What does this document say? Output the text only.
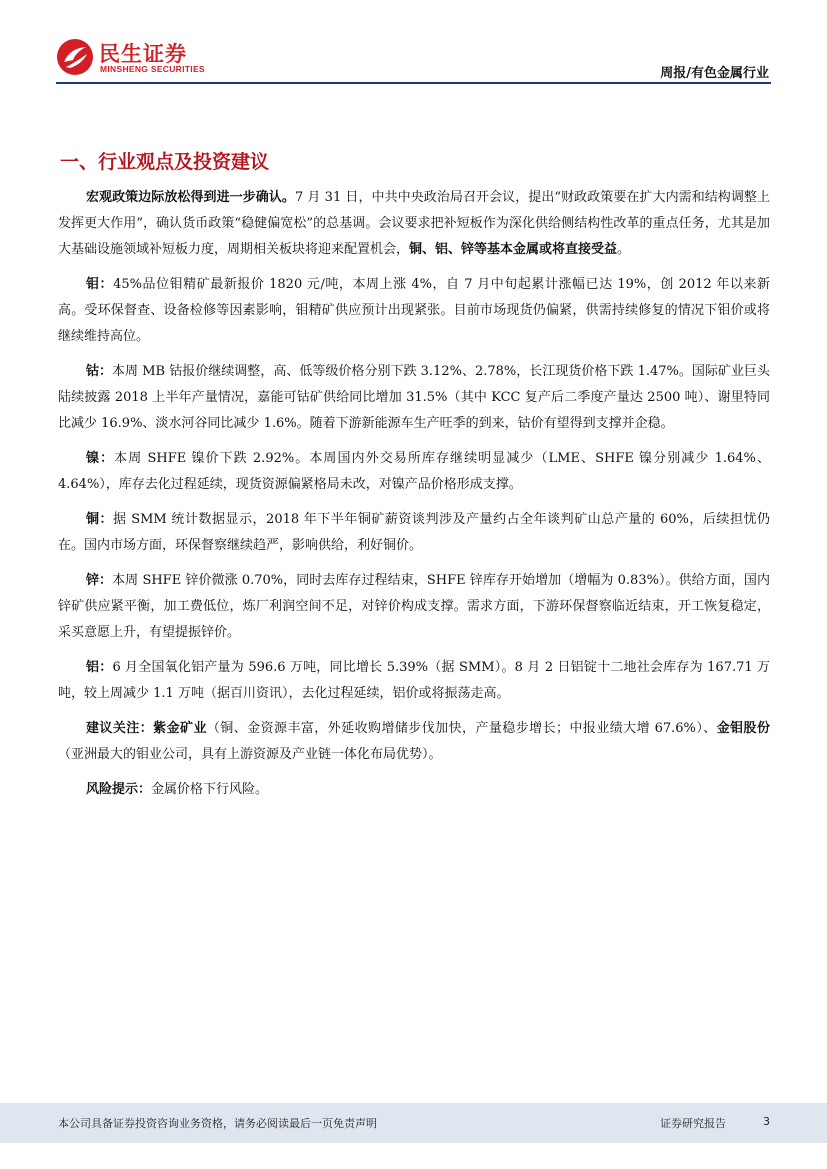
民生证券
MINSHENG SECURITIES	周报/有色金属行业
一、行业观点及投资建议

宏观政策边际放松得到进一步确认。7 月 31 日，中共中央政治局召开会议，提出“财政政策要在扩大内需和结构调整上发挥更大作用”，确认货币政策“稳健偏宽松”的总基调。会议要求把补短板作为深化供给侧结构性改革的重点任务，尤其是加大基础设施领域补短板力度，周期相关板块将迎来配置机会，铜、铝、锌等基本金属或将直接受益。

钼：45%品位钼精矿最新报价 1820 元/吨，本周上涨 4%，自 7 月中旬起累计涨幅已达 19%，创 2012 年以来新高。受环保督查、设备检修等因素影响，钼精矿供应预计出现紧张。目前市场现货仍偏紧，供需持续修复的情况下钼价或将继续维持高位。

钴：本周 MB 钴报价继续调整，高、低等级价格分别下跌 3.12%、2.78%，长江现货价格下跌 1.47%。国际矿业巨头陆续披露 2018 上半年产量情况，嘉能可钴矿供给同比增加 31.5%（其中 KCC 复产后二季度产量达 2500 吨）、谢里特同比减少 16.9%、淡水河谷同比减少 1.6%。随着下游新能源车生产旺季的到来，钴价有望得到支撑并企稳。

镍：本周 SHFE 镍价下跌 2.92%。本周国内外交易所库存继续明显减少（LME、SHFE 镍分别减少 1.64%、4.64%），库存去化过程延续，现货资源偏紧格局未改，对镍产品价格形成支撑。

铜：据 SMM 统计数据显示，2018 年下半年铜矿薪资谈判涉及产量约占全年谈判矿山总产量的 60%，后续担忧仍在。国内市场方面，环保督察继续趋严，影响供给，利好铜价。

锌：本周 SHFE 锌价微涨 0.70%，同时去库存过程结束，SHFE 锌库存开始增加（增幅为 0.83%）。供给方面，国内锌矿供应紧平衡，加工费低位，炼厂利润空间不足，对锌价构成支撑。需求方面，下游环保督察临近结束，开工恢复稳定，采买意愿上升，有望提振锌价。

铝：6 月全国氧化铝产量为 596.6 万吨，同比增长 5.39%（据 SMM）。8 月 2 日铝锭十二地社会库存为 167.71 万吨，较上周减少 1.1 万吨（据百川资讯），去化过程延续，铝价或将振荡走高。

建议关注：紫金矿业（铜、金资源丰富，外延收购增储步伐加快，产量稳步增长；中报业绩大增 67.6%）、金钼股份（亚洲最大的钼业公司，具有上游资源及产业链一体化布局优势）。

风险提示：金属价格下行风险。

本公司具备证券投资咨询业务资格，请务必阅读最后一页免责声明	证券研究报告	3
